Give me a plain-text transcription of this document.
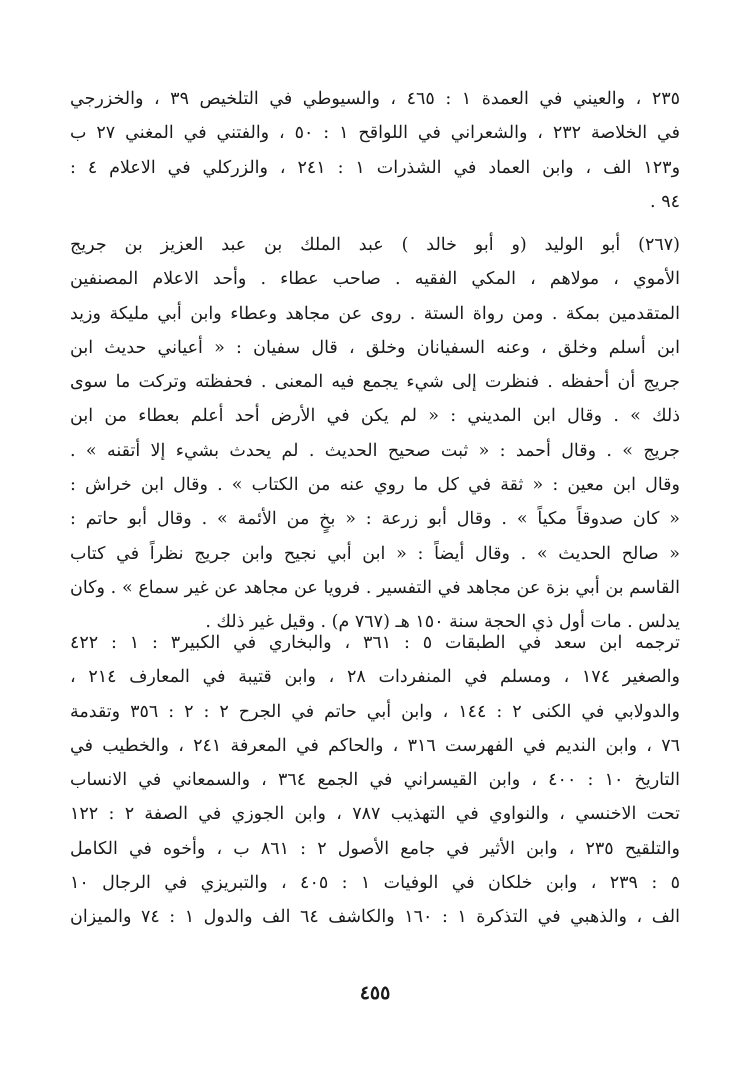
٢٣٥ ، والعيني في العمدة ١ : ٤٦٥ ، والسيوطي في التلخيص ٣٩ ، والخزرجي
في الخلاصة ٢٣٢ ، والشعراني في اللواقح ١ : ٥٠ ، والفتني في المغني ٢٧ ب
و١٢٣ الف ، وابن العماد في الشذرات ١ : ٢٤١ ، والزركلي في الاعلام ٤ :
٩٤ .
(٢٦٧) أبو الوليد (و أبو خالد ) عبد الملك بن عبد العزيز بن جريج
الأموي ، مولاهم ، المكي الفقيه . صاحب عطاء . وأحد الاعلام المصنفين
المتقدمين بمكة . ومن رواة الستة . روى عن مجاهد وعطاء وابن أبي مليكة وزيد
ابن أسلم وخلق ، وعنه السفيانان وخلق ، قال سفيان : « أعياني حديث ابن
جريج أن أحفظه . فنظرت إلى شيء يجمع فيه المعنى . فحفظته وتركت ما سوى
ذلك » . وقال ابن المديني : « لم يكن في الأرض أحد أعلم بعطاء من ابن
جريج » . وقال أحمد : « ثبت صحيح الحديث . لم يحدث بشيء إلا أتقنه » .
وقال ابن معين : « ثقة في كل ما روي عنه من الكتاب » . وقال ابن خراش :
« كان صدوقاً مكياً » . وقال أبو زرعة : « بخٍ من الأئمة » . وقال أبو حاتم :
« صالح الحديث » . وقال أيضاً : « ابن أبي نجيح وابن جريج نظراً في كتاب
القاسم بن أبي بزة عن مجاهد في التفسير . فرويا عن مجاهد عن غير سماع » . وكان
يدلس . مات أول ذي الحجة سنة ١٥٠ هـ (٧٦٧ م) . وقيل غير ذلك .
ترجمه ابن سعد في الطبقات ٥ : ٣٦١ ، والبخاري في الكبير٣ : ١ : ٤٢٢
والصغير ١٧٤ ، ومسلم في المنفردات ٢٨ ، وابن قتيبة في المعارف ٢١٤ ،
والدولابي في الكنى ٢ : ١٤٤ ، وابن أبي حاتم في الجرح ٢ : ٢ : ٣٥٦ وتقدمة
٧٦ ، وابن النديم في الفهرست ٣١٦ ، والحاكم في المعرفة ٢٤١ ، والخطيب في
التاريخ ١٠ : ٤٠٠ ، وابن القيسراني في الجمع ٣٦٤ ، والسمعاني في الانساب
تحت الاخنسي ، والنواوي في التهذيب ٧٨٧ ، وابن الجوزي في الصفة ٢ : ١٢٢
والتلقيح ٢٣٥ ، وابن الأثير في جامع الأصول ٢ : ٨٦١ ب ، وأخوه في الكامل
٥ : ٢٣٩ ، وابن خلكان في الوفيات ١ : ٤٠٥ ، والتبريزي في الرجال ١٠
الف ، والذهبي في التذكرة ١ : ١٦٠ والكاشف ٦٤ الف والدول ١ : ٧٤ والميزان
٤٥٥
